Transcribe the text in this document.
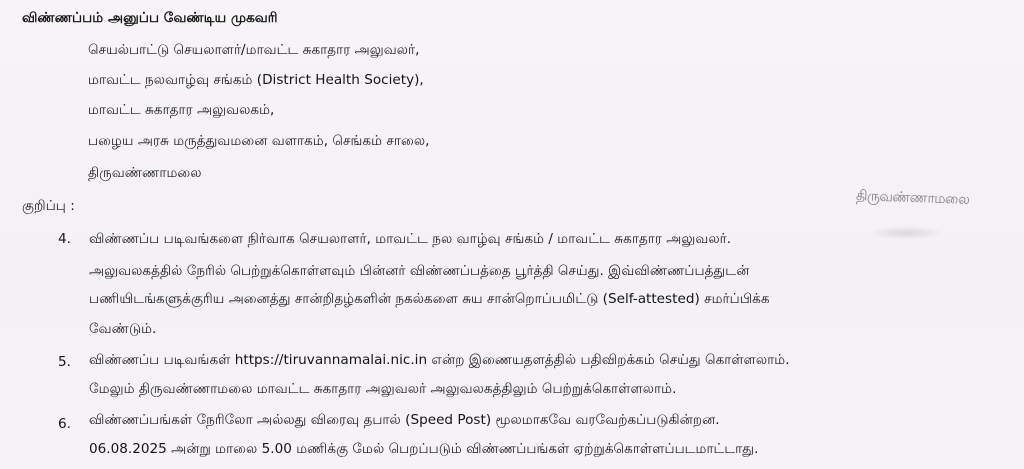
விண்ணப்பம் அனுப்ப வேண்டிய முகவரி
செயல்பாட்டு செயலாளர்/மாவட்ட சுகாதார அலுவலர்,
மாவட்ட நலவாழ்வு சங்கம் (District Health Society),
மாவட்ட சுகாதார அலுவலகம்,
பழைய அரசு மருத்துவமனை வளாகம், செங்கம் சாலை,
திருவண்ணாமலை
குறிப்பு :	திருவண்ணாமலை
4. விண்ணப்ப படிவங்களை நிர்வாக செயலாளர், மாவட்ட நல வாழ்வு சங்கம் / மாவட்ட சுகாதார அலுவலர்.
அலுவலகத்தில் நேரில் பெற்றுக்கொள்ளவும் பின்னர் விண்ணப்பத்தை பூர்த்தி செய்து. இவ்விண்ணப்பத்துடன்
பணியிடங்களுக்குரிய அனைத்து சான்றிதழ்களின் நகல்களை சுய சான்றொப்பமிட்டு (Self-attested) சமர்ப்பிக்க
வேண்டும்.
5. விண்ணப்ப படிவங்கள் https://tiruvannamalai.nic.in என்ற இணையதளத்தில் பதிவிறக்கம் செய்து கொள்ளலாம்.
மேலும் திருவண்ணாமலை மாவட்ட சுகாதார அலுவலர் அலுவலகத்திலும் பெற்றுக்கொள்ளலாம்.
6. விண்ணப்பங்கள் நேரிலோ அல்லது விரைவு தபால் (Speed Post) மூலமாகவே வரவேற்கப்படுகின்றன.
06.08.2025 அன்று மாலை 5.00 மணிக்கு மேல் பெறப்படும் விண்ணப்பங்கள் ஏற்றுக்கொள்ளப்படமாட்டாது.
